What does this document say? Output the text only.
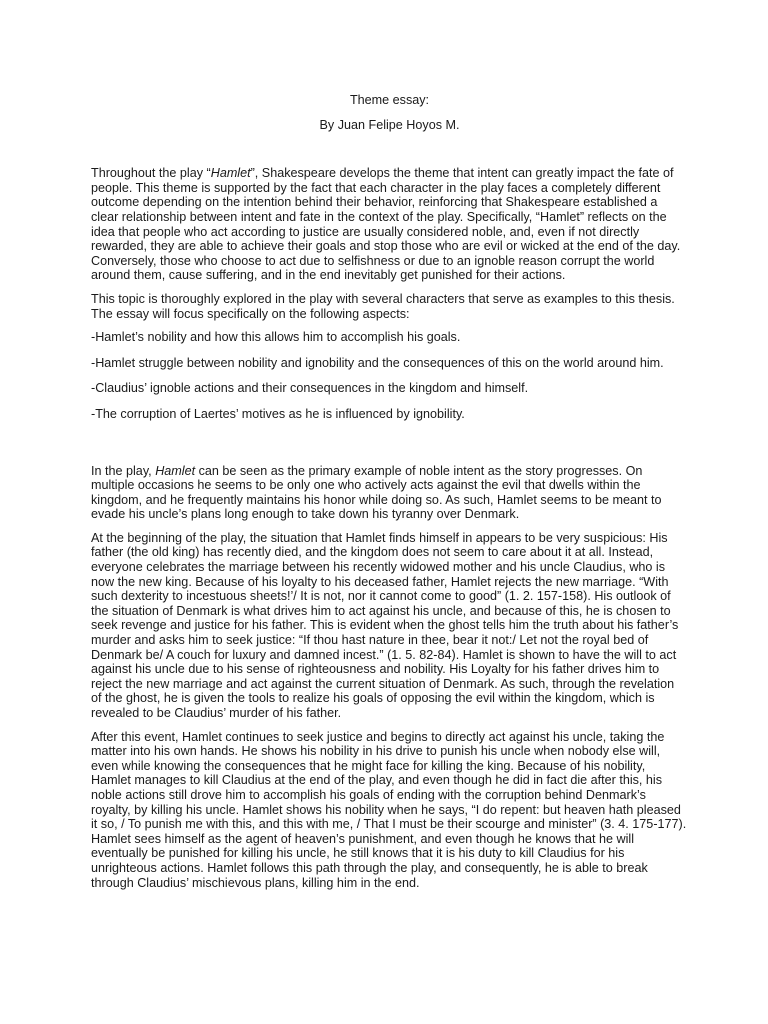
Theme essay:
By Juan Felipe Hoyos M.

Throughout the play “Hamlet”, Shakespeare develops the theme that intent can greatly impact the fate of people. This theme is supported by the fact that each character in the play faces a completely different outcome depending on the intention behind their behavior, reinforcing that Shakespeare established a clear relationship between intent and fate in the context of the play. Specifically, “Hamlet” reflects on the idea that people who act according to justice are usually considered noble, and, even if not directly rewarded, they are able to achieve their goals and stop those who are evil or wicked at the end of the day. Conversely, those who choose to act due to selfishness or due to an ignoble reason corrupt the world around them, cause suffering, and in the end inevitably get punished for their actions.

This topic is thoroughly explored in the play with several characters that serve as examples to this thesis. The essay will focus specifically on the following aspects:

-Hamlet’s nobility and how this allows him to accomplish his goals.
-Hamlet struggle between nobility and ignobility and the consequences of this on the world around him.
-Claudius’ ignoble actions and their consequences in the kingdom and himself.
-The corruption of Laertes’ motives as he is influenced by ignobility.

In the play, Hamlet can be seen as the primary example of noble intent as the story progresses. On multiple occasions he seems to be only one who actively acts against the evil that dwells within the kingdom, and he frequently maintains his honor while doing so. As such, Hamlet seems to be meant to evade his uncle’s plans long enough to take down his tyranny over Denmark.

At the beginning of the play, the situation that Hamlet finds himself in appears to be very suspicious: His father (the old king) has recently died, and the kingdom does not seem to care about it at all. Instead, everyone celebrates the marriage between his recently widowed mother and his uncle Claudius, who is now the new king. Because of his loyalty to his deceased father, Hamlet rejects the new marriage. “With such dexterity to incestuous sheets!’/ It is not, nor it cannot come to good” (1. 2. 157-158). His outlook of the situation of Denmark is what drives him to act against his uncle, and because of this, he is chosen to seek revenge and justice for his father. This is evident when the ghost tells him the truth about his father’s murder and asks him to seek justice: “If thou hast nature in thee, bear it not:/ Let not the royal bed of Denmark be/ A couch for luxury and damned incest.” (1. 5. 82-84). Hamlet is shown to have the will to act against his uncle due to his sense of righteousness and nobility. His Loyalty for his father drives him to reject the new marriage and act against the current situation of Denmark. As such, through the revelation of the ghost, he is given the tools to realize his goals of opposing the evil within the kingdom, which is revealed to be Claudius’ murder of his father.

After this event, Hamlet continues to seek justice and begins to directly act against his uncle, taking the matter into his own hands. He shows his nobility in his drive to punish his uncle when nobody else will, even while knowing the consequences that he might face for killing the king. Because of his nobility, Hamlet manages to kill Claudius at the end of the play, and even though he did in fact die after this, his noble actions still drove him to accomplish his goals of ending with the corruption behind Denmark’s royalty, by killing his uncle. Hamlet shows his nobility when he says, “I do repent: but heaven hath pleased it so, / To punish me with this, and this with me, / That I must be their scourge and minister” (3. 4. 175-177). Hamlet sees himself as the agent of heaven’s punishment, and even though he knows that he will eventually be punished for killing his uncle, he still knows that it is his duty to kill Claudius for his unrighteous actions. Hamlet follows this path through the play, and consequently, he is able to break through Claudius’ mischievous plans, killing him in the end.
